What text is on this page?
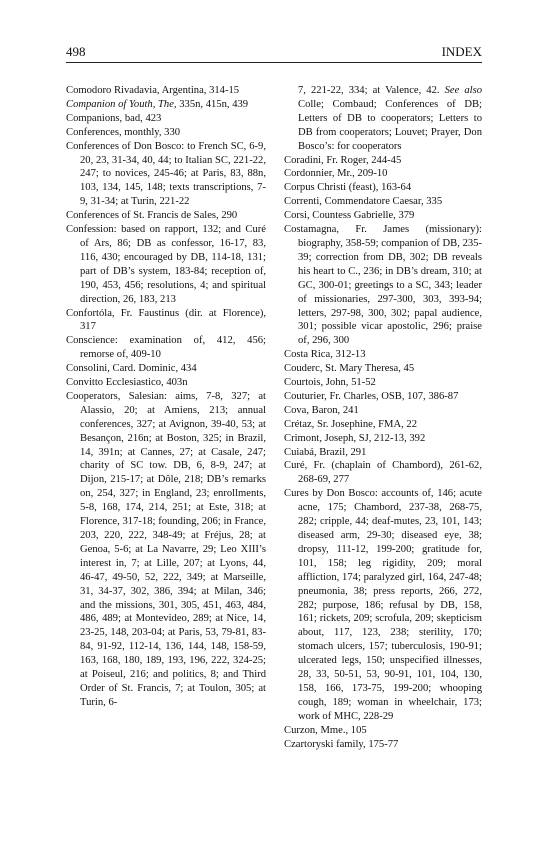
498	INDEX

Comodoro Rivadavia, Argentina, 314-15

Companion of Youth, The, 335n, 415n, 439

Companions, bad, 423

Conferences, monthly, 330

Conferences of Don Bosco: to French SC, 6-9, 20, 23, 31-34, 40, 44; to Italian SC, 221-22, 247; to novices, 245-46; at Paris, 83, 88n, 103, 134, 145, 148; texts transcriptions, 7-9, 31-34; at Turin, 221-22

Conferences of St. Francis de Sales, 290

Confession: based on rapport, 132; and Curé of Ars, 86; DB as confessor, 16-17, 83, 116, 430; encouraged by DB, 114-18, 131; part of DB’s system, 183-84; reception of, 190, 453, 456; resolutions, 4; and spiritual direction, 26, 183, 213

Confortóla, Fr. Faustinus (dir. at Florence), 317

Conscience: examination of, 412, 456; remorse of, 409-10

Consolini, Card. Dominic, 434

Convitto Ecclesiastico, 403n

Cooperators, Salesian: aims, 7-8, 327; at Alassio, 20; at Amiens, 213; annual conferences, 327; at Avignon, 39-40, 53; at Besançon, 216n; at Boston, 325; in Brazil, 14, 391n; at Cannes, 27; at Casale, 247; charity of SC tow. DB, 6, 8-9, 247; at Dijon, 215-17; at Dôle, 218; DB’s remarks on, 254, 327; in England, 23; enrollments, 5-8, 168, 174, 214, 251; at Este, 318; at Florence, 317-18; founding, 206; in France, 203, 220, 222, 348-49; at Fréjus, 28; at Genoa, 5-6; at La Navarre, 29; Leo XIII’s interest in, 7; at Lille, 207; at Lyons, 44, 46-47, 49-50, 52, 222, 349; at Marseille, 31, 34-37, 302, 386, 394; at Milan, 346; and the missions, 301, 305, 451, 463, 484, 486, 489; at Montevideo, 289; at Nice, 14, 23-25, 148, 203-04; at Paris, 53, 79-81, 83-84, 91-92, 112-14, 136, 144, 148, 158-59, 163, 168, 180, 189, 193, 196, 222, 324-25; at Poiseul, 216; and politics, 8; and Third Order of St. Francis, 7; at Toulon, 305; at Turin, 6-

7, 221-22, 334; at Valence, 42. See also Colle; Combaud; Conferences of DB; Letters of DB to cooperators; Letters to DB from cooperators; Louvet; Prayer, Don Bosco’s: for cooperators

Coradini, Fr. Roger, 244-45

Cordonnier, Mr., 209-10

Corpus Christi (feast), 163-64

Correnti, Commendatore Caesar, 335

Corsi, Countess Gabrielle, 379

Costamagna, Fr. James (missionary): biography, 358-59; companion of DB, 235-39; correction from DB, 302; DB reveals his heart to C., 236; in DB’s dream, 310; at GC, 300-01; greetings to a SC, 343; leader of missionaries, 297-300, 303, 393-94; letters, 297-98, 300, 302; papal audience, 301; possible vicar apostolic, 296; praise of, 296, 300

Costa Rica, 312-13

Couderc, St. Mary Theresa, 45

Courtois, John, 51-52

Couturier, Fr. Charles, OSB, 107, 386-87

Cova, Baron, 241

Crétaz, Sr. Josephine, FMA, 22

Crimont, Joseph, SJ, 212-13, 392

Cuiabá, Brazil, 291

Curé, Fr. (chaplain of Chambord), 261-62, 268-69, 277

Cures by Don Bosco: accounts of, 146; acute acne, 175; Chambord, 237-38, 268-75, 282; cripple, 44; deaf-mutes, 23, 101, 143; diseased arm, 29-30; diseased eye, 38; dropsy, 111-12, 199-200; gratitude for, 101, 158; leg rigidity, 209; moral affliction, 174; paralyzed girl, 164, 247-48; pneumonia, 38; press reports, 266, 272, 282; purpose, 186; refusal by DB, 158, 161; rickets, 209; scrofula, 209; skepticism about, 117, 123, 238; sterility, 170; stomach ulcers, 157; tuberculosis, 190-91; ulcerated legs, 150; unspecified illnesses, 28, 33, 50-51, 53, 90-91, 101, 104, 130, 158, 166, 173-75, 199-200; whooping cough, 189; woman in wheelchair, 173; work of MHC, 228-29

Curzon, Mme., 105

Czartoryski family, 175-77
